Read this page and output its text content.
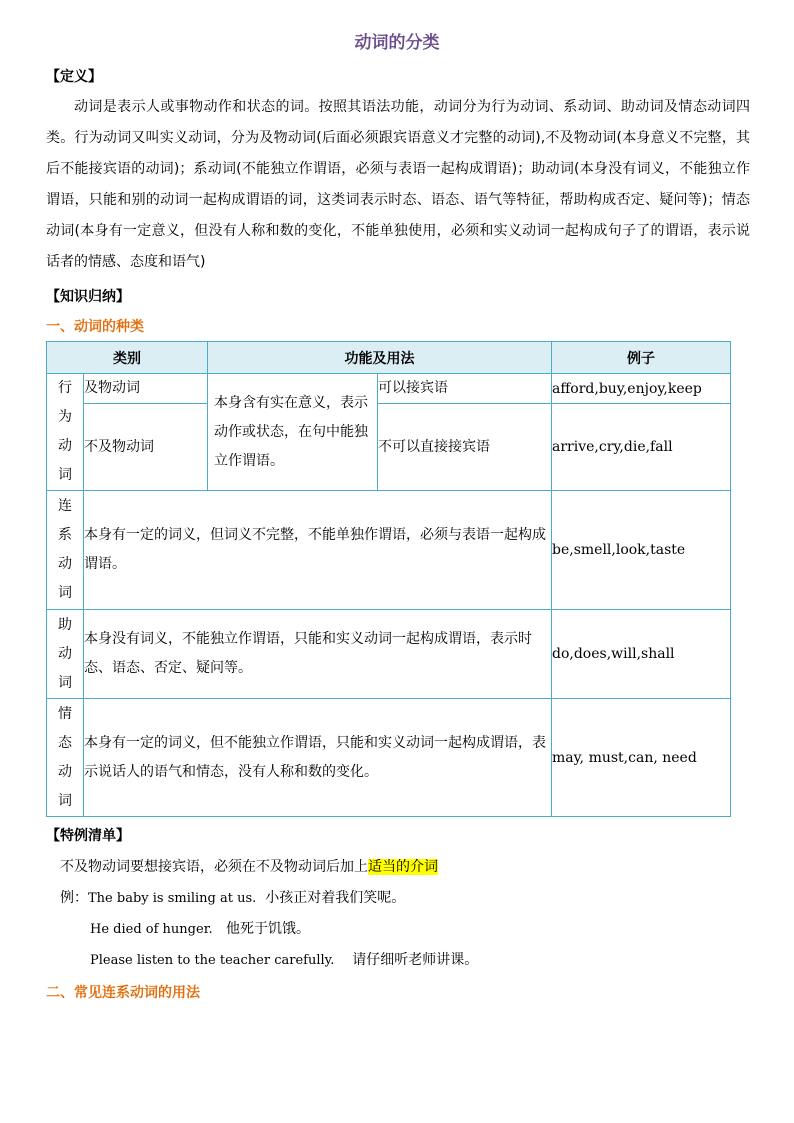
动词的分类
【定义】
动词是表示人或事物动作和状态的词。按照其语法功能，动词分为行为动词、系动词、助动词及情态动词四类。行为动词又叫实义动词，分为及物动词(后面必须跟宾语意义才完整的动词),不及物动词(本身意义不完整，其后不能接宾语的动词)；系动词(不能独立作谓语，必须与表语一起构成谓语)；助动词(本身没有词义，不能独立作谓语，只能和别的动词一起构成谓语的词，这类词表示时态、语态、语气等特征，帮助构成否定、疑问等)；情态动词(本身有一定意义，但没有人称和数的变化，不能单独使用，必须和实义动词一起构成句子了的谓语，表示说话者的情感、态度和语气)
【知识归纳】
一、动词的种类
类别		功能及用法		例子

行
为
动
词	及物动词	本身含有实在意义，表示动作或状态，在句中能独立作谓语。	可以接宾语	afford,buy,enjoy,keep
	不及物动词		不可以直接接宾语	arrive,cry,die,fall

连
系
动
词	本身有一定的词义，但词义不完整，不能单独作谓语，必须与表语一起构成谓语。			be,smell,look,taste

助
动
词	本身没有词义，不能独立作谓语，只能和实义动词一起构成谓语，表示时态、语态、否定、疑问等。			do,does,will,shall

情
态
动
词	本身有一定的词义，但不能独立作谓语，只能和实义动词一起构成谓语，表示说话人的语气和情态，没有人称和数的变化。			may, must,can, need
【特例清单】
不及物动词要想接宾语，必须在不及物动词后加上适当的介词
例：The baby is smiling at us. 小孩正对着我们笑呢。
He died of hunger. 他死于饥饿。
Please listen to the teacher carefully. 请仔细听老师讲课。
二、常见连系动词的用法
